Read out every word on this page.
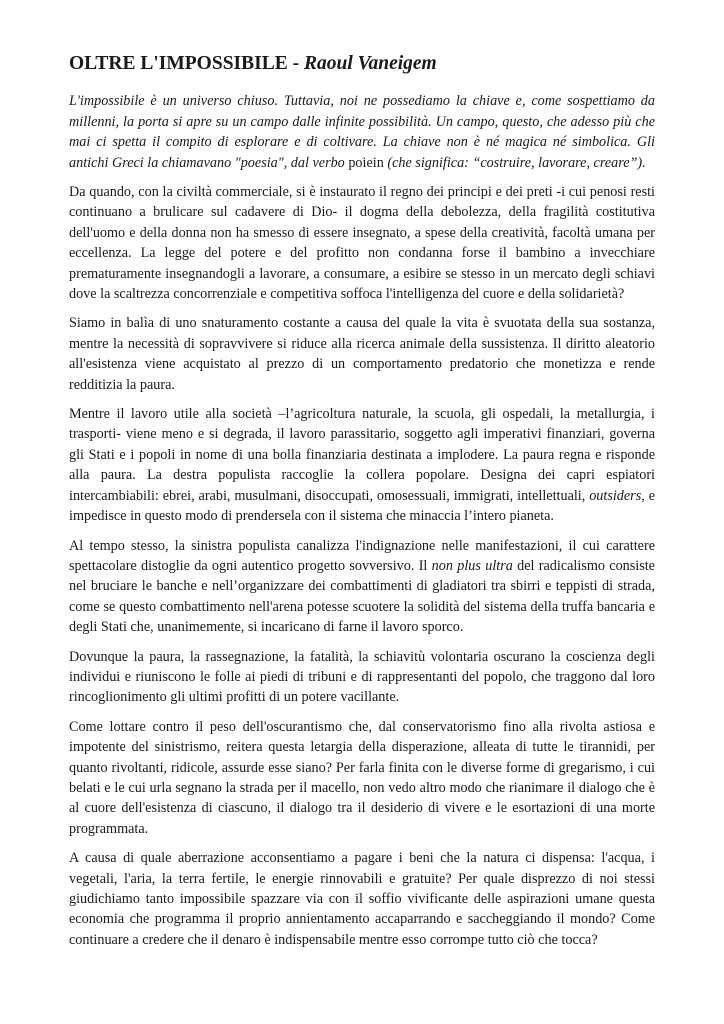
OLTRE L'IMPOSSIBILE - Raoul Vaneigem

L'impossibile è un universo chiuso. Tuttavia, noi ne possediamo la chiave e, come sospettiamo da millenni, la porta si apre su un campo dalle infinite possibilità. Un campo, questo, che adesso più che mai ci spetta il compito di esplorare e di coltivare. La chiave non è né magica né simbolica. Gli antichi Greci la chiamavano "poesia", dal verbo poiein (che significa: “costruire, lavorare, creare”).

Da quando, con la civiltà commerciale, si è instaurato il regno dei principi e dei preti -i cui penosi resti continuano a brulicare sul cadavere di Dio- il dogma della debolezza, della fragilità costitutiva dell'uomo e della donna non ha smesso di essere insegnato, a spese della creatività, facoltà umana per eccellenza. La legge del potere e del profitto non condanna forse il bambino a invecchiare prematuramente insegnandogli a lavorare, a consumare, a esibire se stesso in un mercato degli schiavi dove la scaltrezza concorrenziale e competitiva soffoca l'intelligenza del cuore e della solidarietà?

Siamo in balìa di uno snaturamento costante a causa del quale la vita è svuotata della sua sostanza, mentre la necessità di sopravvivere si riduce alla ricerca animale della sussistenza. Il diritto aleatorio all'esistenza viene acquistato al prezzo di un comportamento predatorio che monetizza e rende redditizia la paura.

Mentre il lavoro utile alla società –l’agricoltura naturale, la scuola, gli ospedali, la metallurgia, i trasporti- viene meno e si degrada, il lavoro parassitario, soggetto agli imperativi finanziari, governa gli Stati e i popoli in nome di una bolla finanziaria destinata a implodere. La paura regna e risponde alla paura. La destra populista raccoglie la collera popolare. Designa dei capri espiatori intercambiabili: ebrei, arabi, musulmani, disoccupati, omosessuali, immigrati, intellettuali, outsiders, e impedisce in questo modo di prendersela con il sistema che minaccia l’intero pianeta.

Al tempo stesso, la sinistra populista canalizza l'indignazione nelle manifestazioni, il cui carattere spettacolare distoglie da ogni autentico progetto sovversivo. Il non plus ultra del radicalismo consiste nel bruciare le banche e nell’organizzare dei combattimenti di gladiatori tra sbirri e teppisti di strada, come se questo combattimento nell'arena potesse scuotere la solidità del sistema della truffa bancaria e degli Stati che, unanimemente, si incaricano di farne il lavoro sporco.

Dovunque la paura, la rassegnazione, la fatalità, la schiavitù volontaria oscurano la coscienza degli individui e riuniscono le folle ai piedi di tribuni e di rappresentanti del popolo, che traggono dal loro rincoglionimento gli ultimi profitti di un potere vacillante.

Come lottare contro il peso dell'oscurantismo che, dal conservatorismo fino alla rivolta astiosa e impotente del sinistrismo, reitera questa letargia della disperazione, alleata di tutte le tirannidi, per quanto rivoltanti, ridicole, assurde esse siano? Per farla finita con le diverse forme di gregarismo, i cui belati e le cui urla segnano la strada per il macello, non vedo altro modo che rianimare il dialogo che è al cuore dell'esistenza di ciascuno, il dialogo tra il desiderio di vivere e le esortazioni di una morte programmata.

A causa di quale aberrazione acconsentiamo a pagare i beni che la natura ci dispensa: l'acqua, i vegetali, l'aria, la terra fertile, le energie rinnovabili e gratuite? Per quale disprezzo di noi stessi giudichiamo tanto impossibile spazzare via con il soffio vivificante delle aspirazioni umane questa economia che programma il proprio annientamento accaparrando e saccheggiando il mondo? Come continuare a credere che il denaro è indispensabile mentre esso corrompe tutto ciò che tocca?
